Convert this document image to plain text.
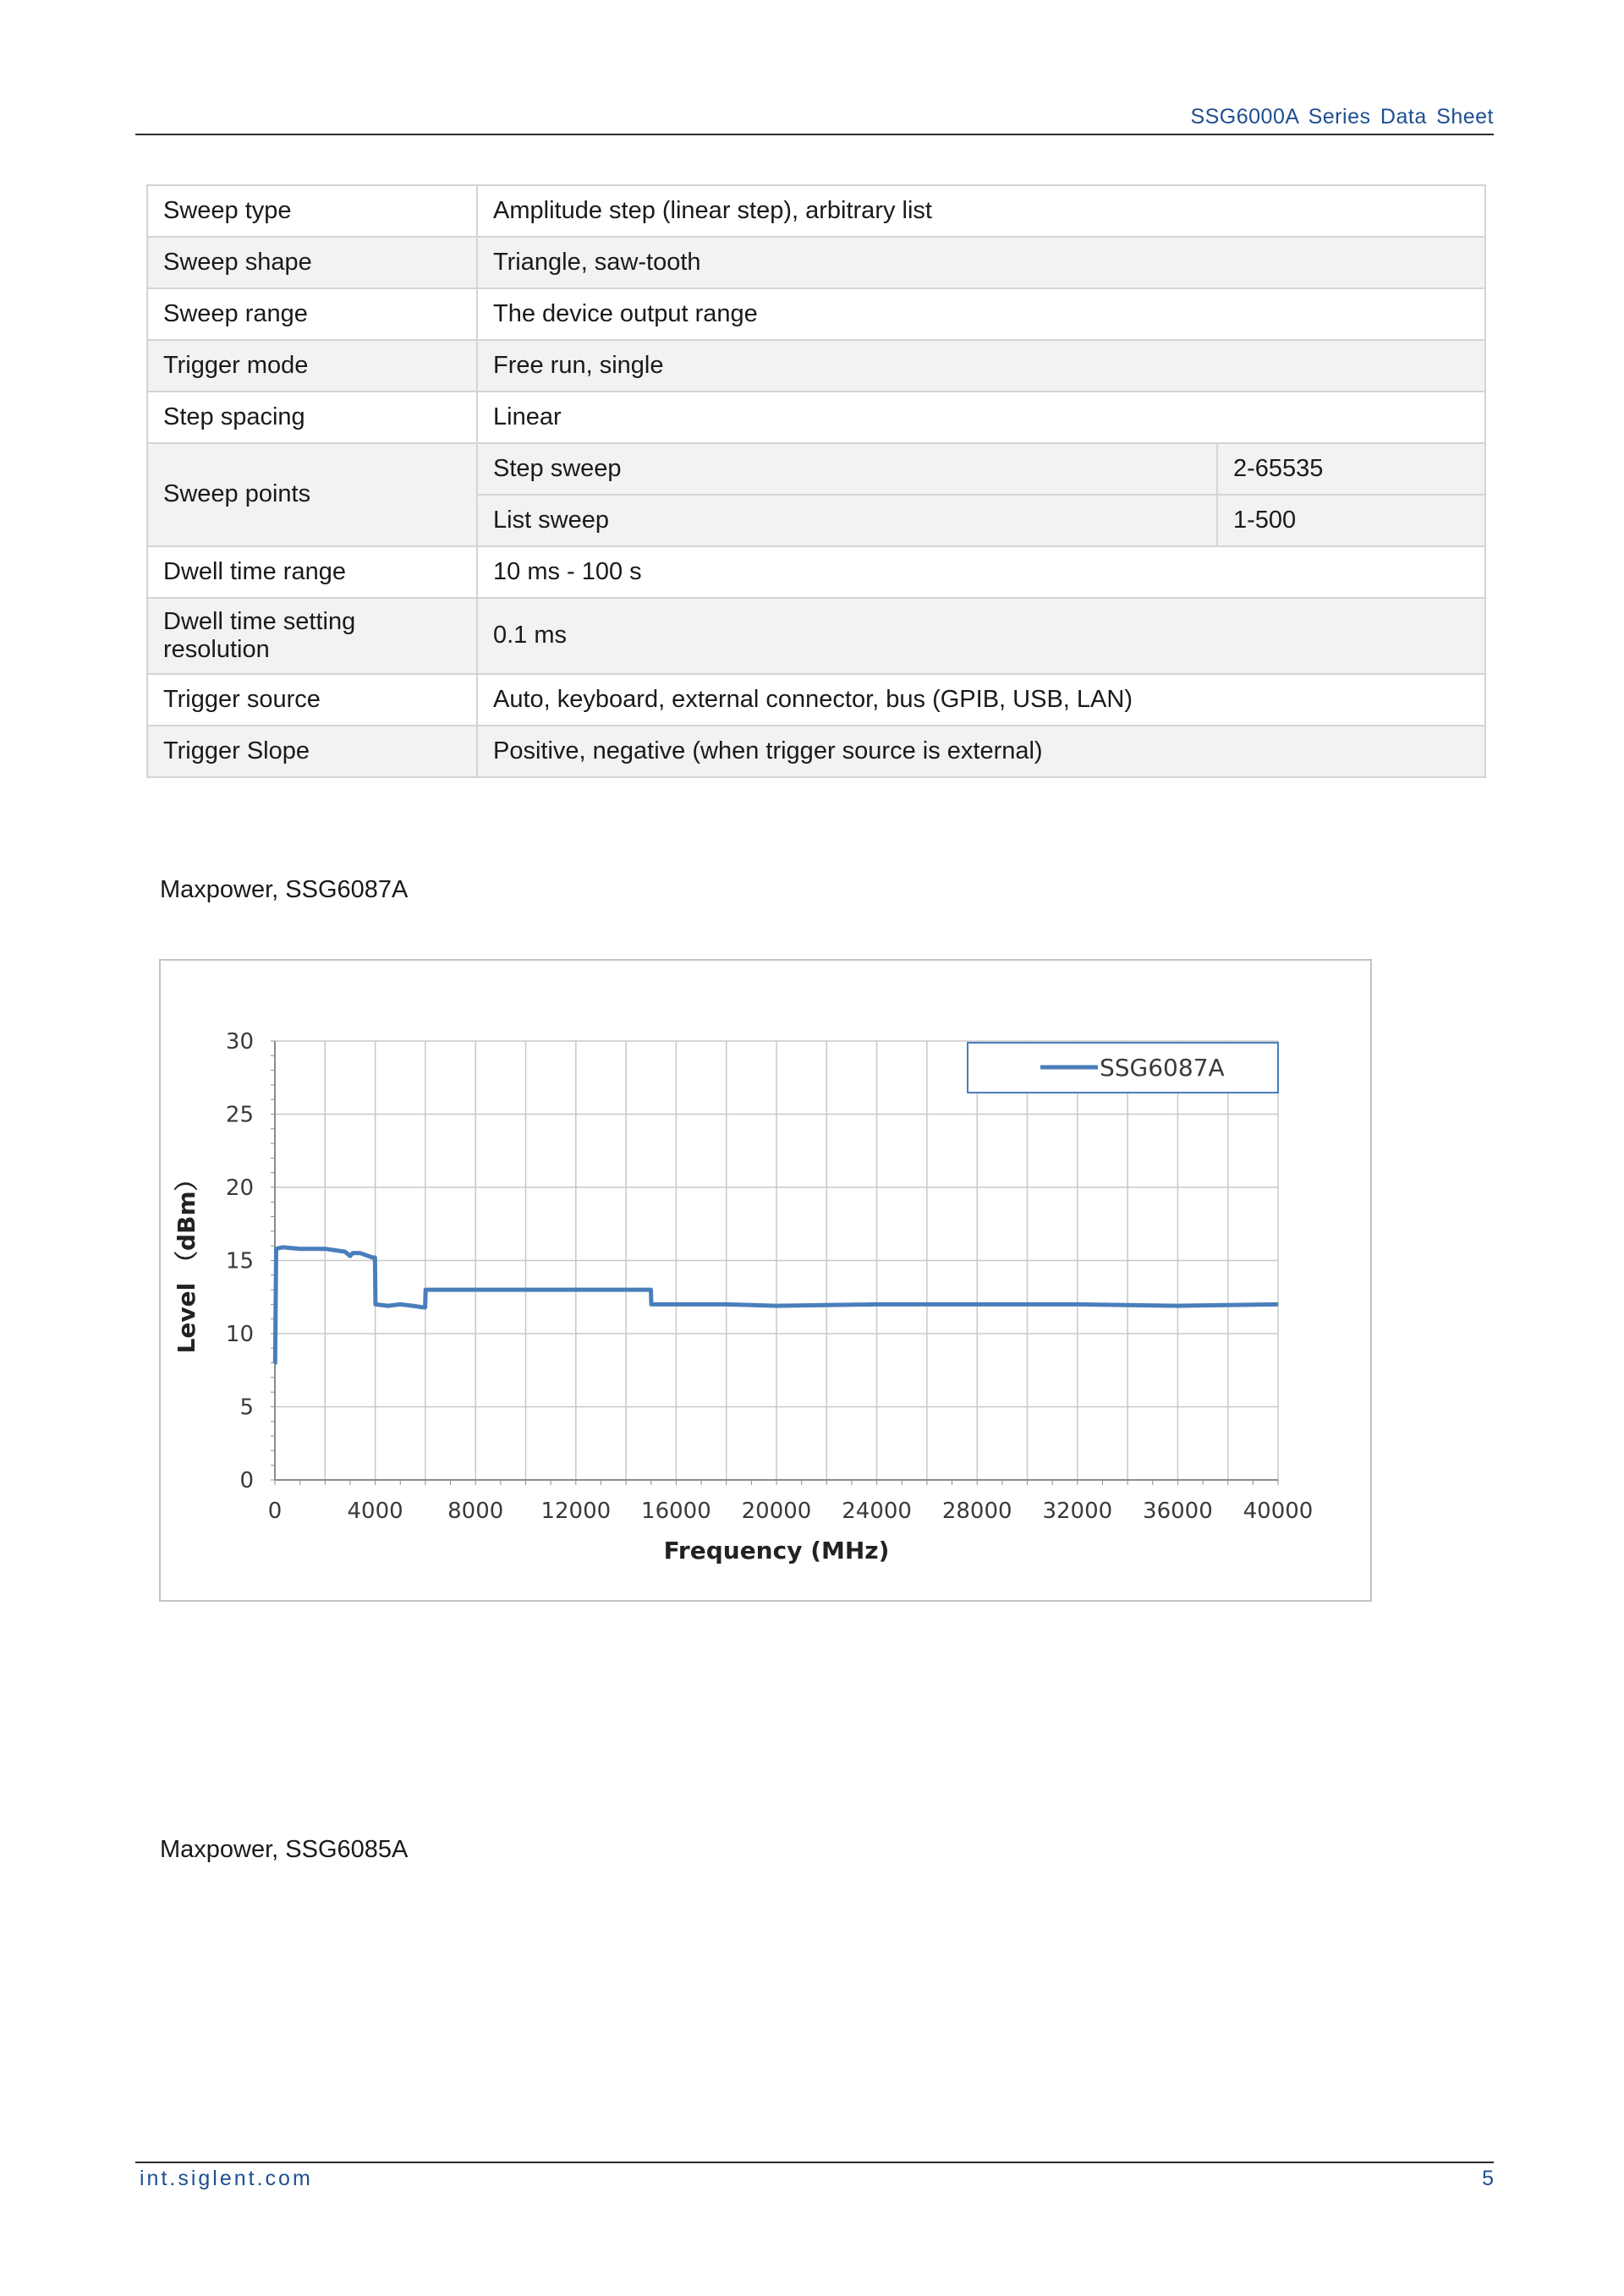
SSG6000A Series Data Sheet
Sweep type	Amplitude step (linear step), arbitrary list	
Sweep shape	Triangle, saw-tooth	
Sweep range	The device output range	
Trigger mode	Free run, single	
Step spacing	Linear	
Sweep points	Step sweep	2-65535
	List sweep	1-500
Dwell time range	10 ms - 100 s	
Dwell time setting resolution	0.1 ms	
Trigger source	Auto, keyboard, external connector, bus (GPIB, USB, LAN)	
Trigger Slope	Positive, negative (when trigger source is external)	
Maxpower, SSG6087A
0	4000 8000 12000 16000 20000 24000 28000 32000 36000 40000
0
5
10
15
20
25
30
Frequency (MHz)
Level （dBm）
SSG6087A
Maxpower, SSG6085A
int.siglent.com	5
